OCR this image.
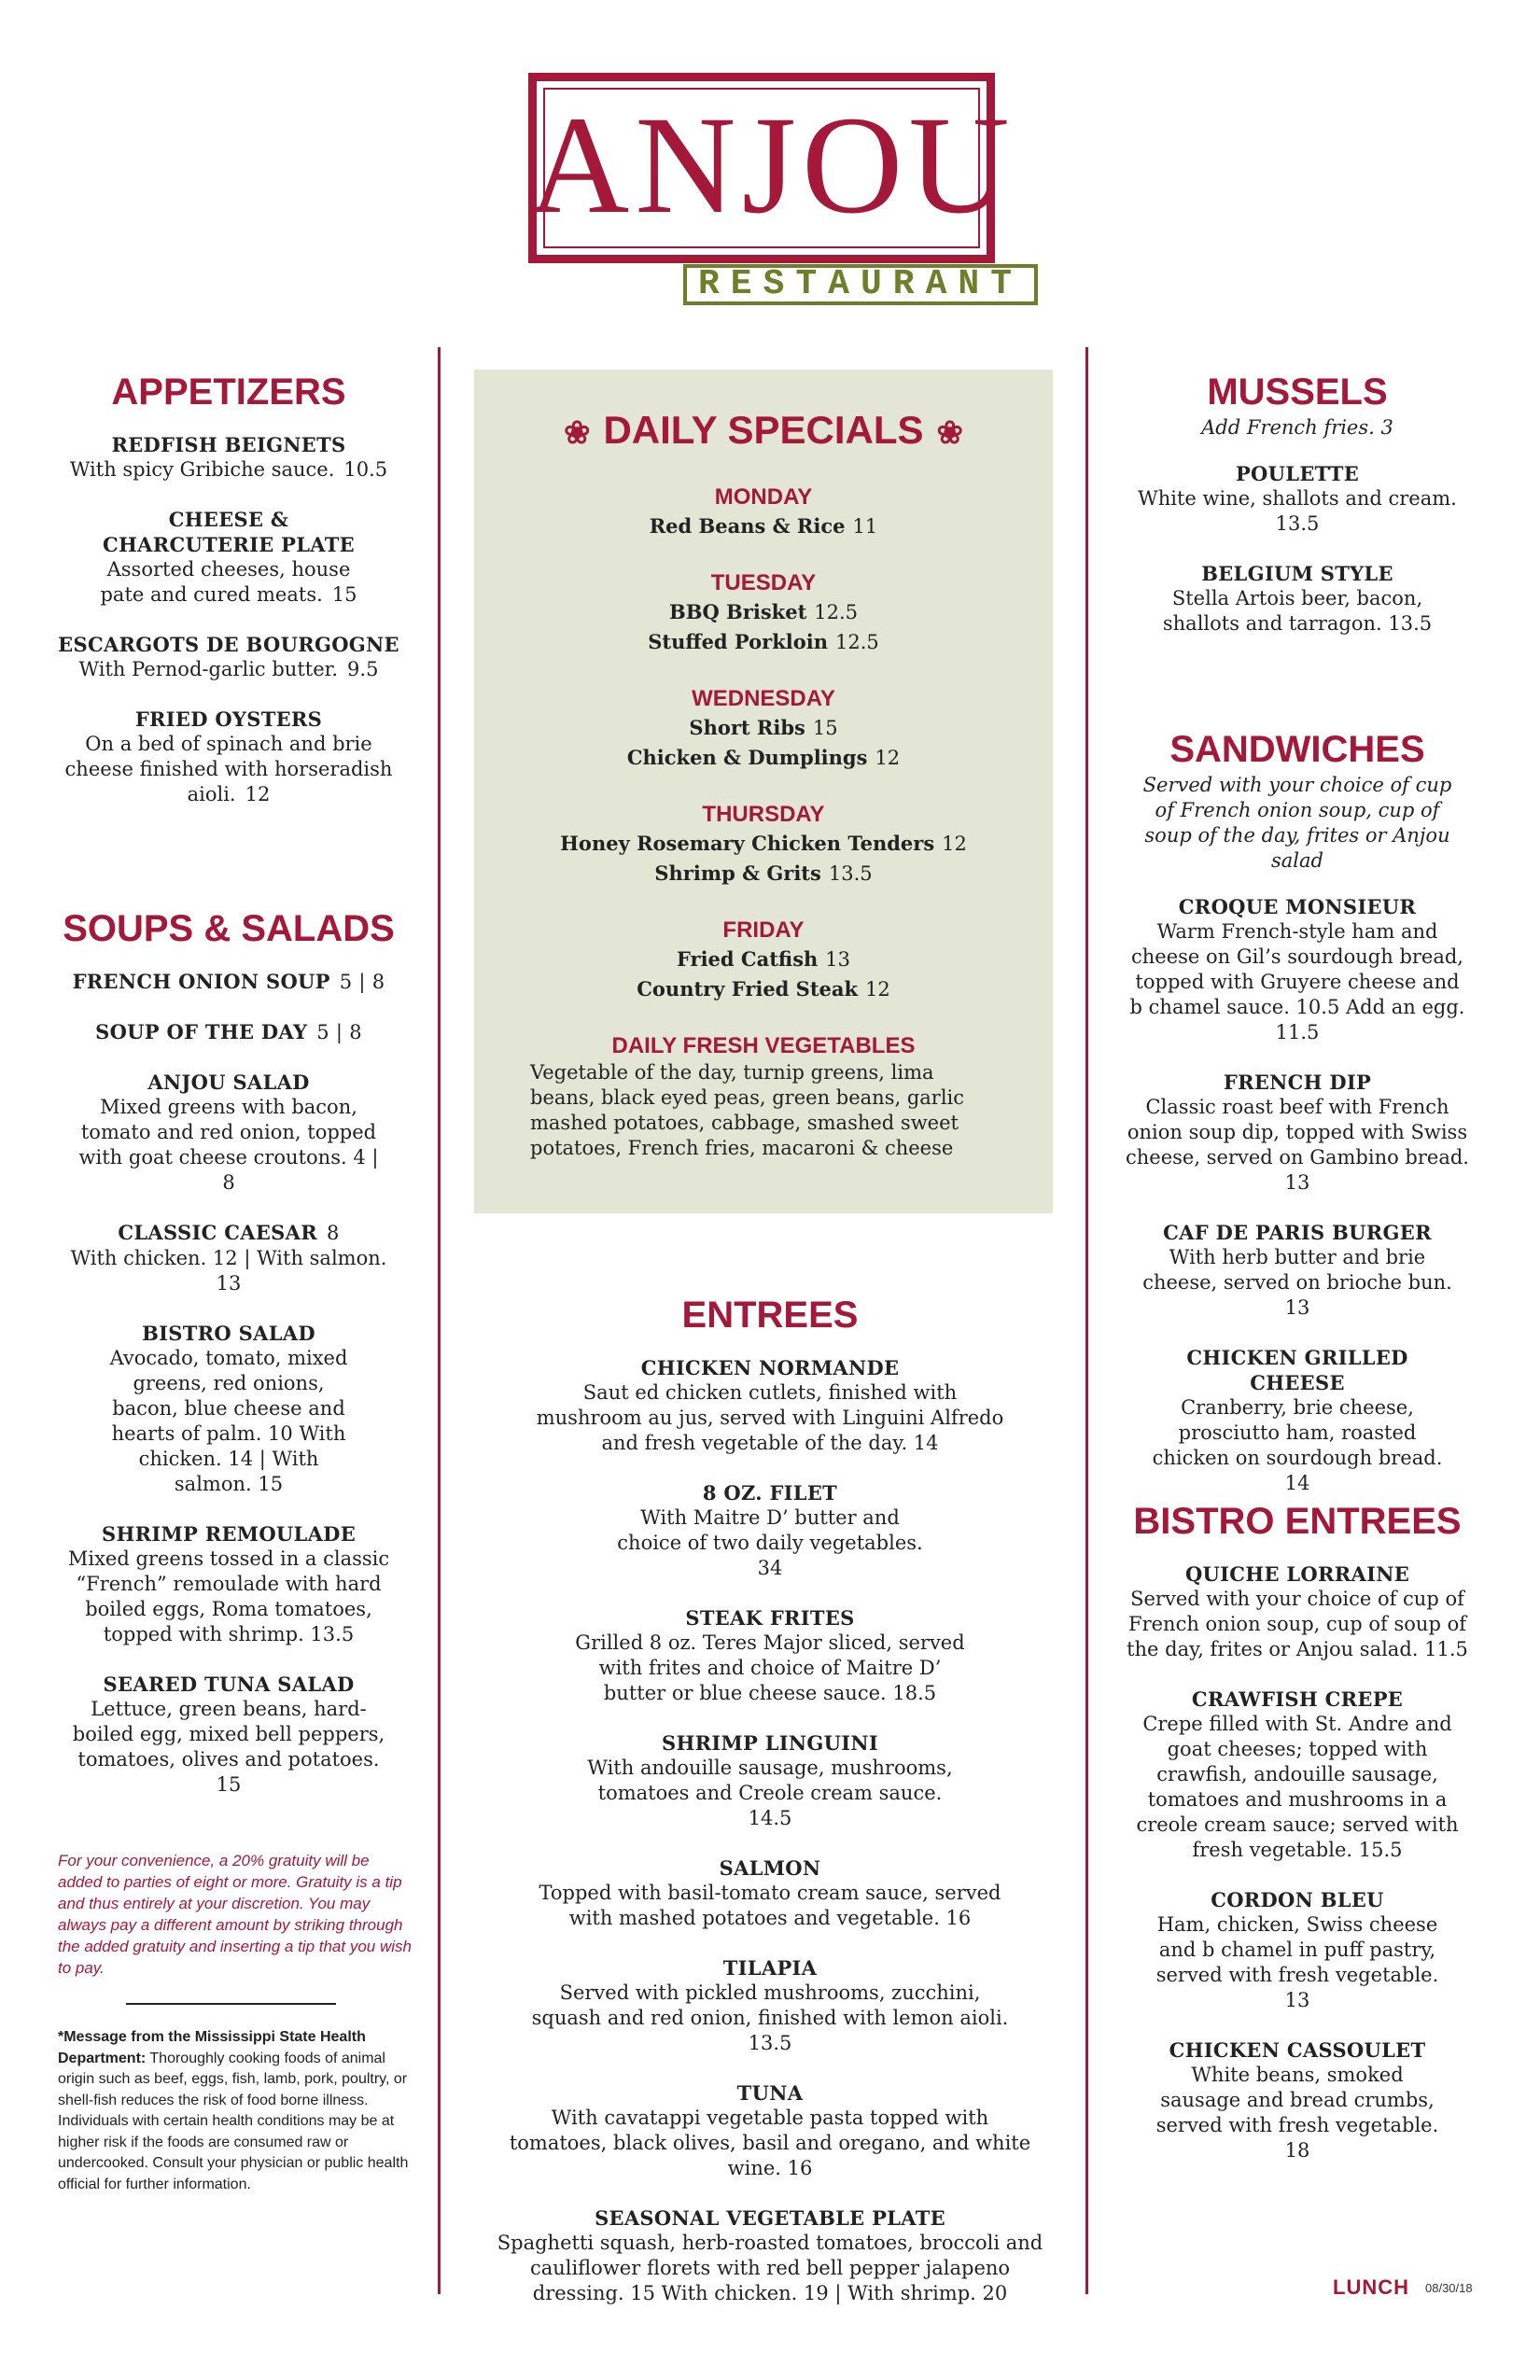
ANJOU
RESTAURANT
APPETIZERS
REDFISH BEIGNETS
With spicy Gribiche sauce. 10.5
CHEESE & CHARCUTERIE PLATE
Assorted cheeses, house pate and cured meats. 15
ESCARGOTS DE BOURGOGNE
With Pernod-garlic butter. 9.5
FRIED OYSTERS
On a bed of spinach and brie cheese finished with horseradish aioli. 12
SOUPS & SALADS
FRENCH ONION SOUP 5 | 8
SOUP OF THE DAY 5 | 8
ANJOU SALAD
Mixed greens with bacon, tomato and red onion, topped with goat cheese croutons. 4 | 8
CLASSIC CAESAR 8
With chicken. 12 | With salmon. 13
BISTRO SALAD
Avocado, tomato, mixed greens, red onions, bacon, blue cheese and hearts of palm. 10 With chicken. 14 | With salmon. 15
SHRIMP REMOULADE
Mixed greens tossed in a classic “French” remoulade with hard boiled eggs, Roma tomatoes, topped with shrimp. 13.5
SEARED TUNA SALAD
Lettuce, green beans, hard-boiled egg, mixed bell peppers, tomatoes, olives and potatoes. 15
For your convenience, a 20% gratuity will be added to parties of eight or more. Gratuity is a tip and thus entirely at your discretion. You may always pay a different amount by striking through the added gratuity and inserting a tip that you wish to pay.
*Message from the Mississippi State Health Department: Thoroughly cooking foods of animal origin such as beef, eggs, fish, lamb, pork, poultry, or shell-fish reduces the risk of food borne illness. Individuals with certain health conditions may be at higher risk if the foods are consumed raw or undercooked. Consult your physician or public health official for further information.
❀ DAILY SPECIALS ❀
MONDAY
Red Beans & Rice 11
TUESDAY
BBQ Brisket 12.5
Stuffed Porkloin 12.5
WEDNESDAY
Short Ribs 15
Chicken & Dumplings 12
THURSDAY
Honey Rosemary Chicken Tenders 12
Shrimp & Grits 13.5
FRIDAY
Fried Catfish 13
Country Fried Steak 12
DAILY FRESH VEGETABLES
Vegetable of the day, turnip greens, lima beans, black eyed peas, green beans, garlic mashed potatoes, cabbage, smashed sweet potatoes, French fries, macaroni & cheese
ENTREES
CHICKEN NORMANDE
Saut ed chicken cutlets, finished with mushroom au jus, served with Linguini Alfredo and fresh vegetable of the day. 14
8 OZ. FILET
With Maitre D’ butter and choice of two daily vegetables. 34
STEAK FRITES
Grilled 8 oz. Teres Major sliced, served with frites and choice of Maitre D’ butter or blue cheese sauce. 18.5
SHRIMP LINGUINI
With andouille sausage, mushrooms, tomatoes and Creole cream sauce. 14.5
SALMON
Topped with basil-tomato cream sauce, served with mashed potatoes and vegetable. 16
TILAPIA
Served with pickled mushrooms, zucchini, squash and red onion, finished with lemon aioli. 13.5
TUNA
With cavatappi vegetable pasta topped with tomatoes, black olives, basil and oregano, and white wine. 16
SEASONAL VEGETABLE PLATE
Spaghetti squash, herb-roasted tomatoes, broccoli and cauliflower florets with red bell pepper jalapeno dressing. 15 With chicken. 19 | With shrimp. 20
MUSSELS
Add French fries. 3
POULETTE
White wine, shallots and cream. 13.5
BELGIUM STYLE
Stella Artois beer, bacon, shallots and tarragon. 13.5
SANDWICHES
Served with your choice of cup of French onion soup, cup of soup of the day, frites or Anjou salad
CROQUE MONSIEUR
Warm French-style ham and cheese on Gil’s sourdough bread, topped with Gruyere cheese and b chamel sauce. 10.5 Add an egg. 11.5
FRENCH DIP
Classic roast beef with French onion soup dip, topped with Swiss cheese, served on Gambino bread. 13
CAF DE PARIS BURGER
With herb butter and brie cheese, served on brioche bun. 13
CHICKEN GRILLED CHEESE
Cranberry, brie cheese, prosciutto ham, roasted chicken on sourdough bread. 14
BISTRO ENTREES
QUICHE LORRAINE
Served with your choice of cup of French onion soup, cup of soup of the day, frites or Anjou salad. 11.5
CRAWFISH CREPE
Crepe filled with St. Andre and goat cheeses; topped with crawfish, andouille sausage, tomatoes and mushrooms in a creole cream sauce; served with fresh vegetable. 15.5
CORDON BLEU
Ham, chicken, Swiss cheese and b chamel in puff pastry, served with fresh vegetable. 13
CHICKEN CASSOULET
White beans, smoked sausage and bread crumbs, served with fresh vegetable. 18
LUNCH 08/30/18
